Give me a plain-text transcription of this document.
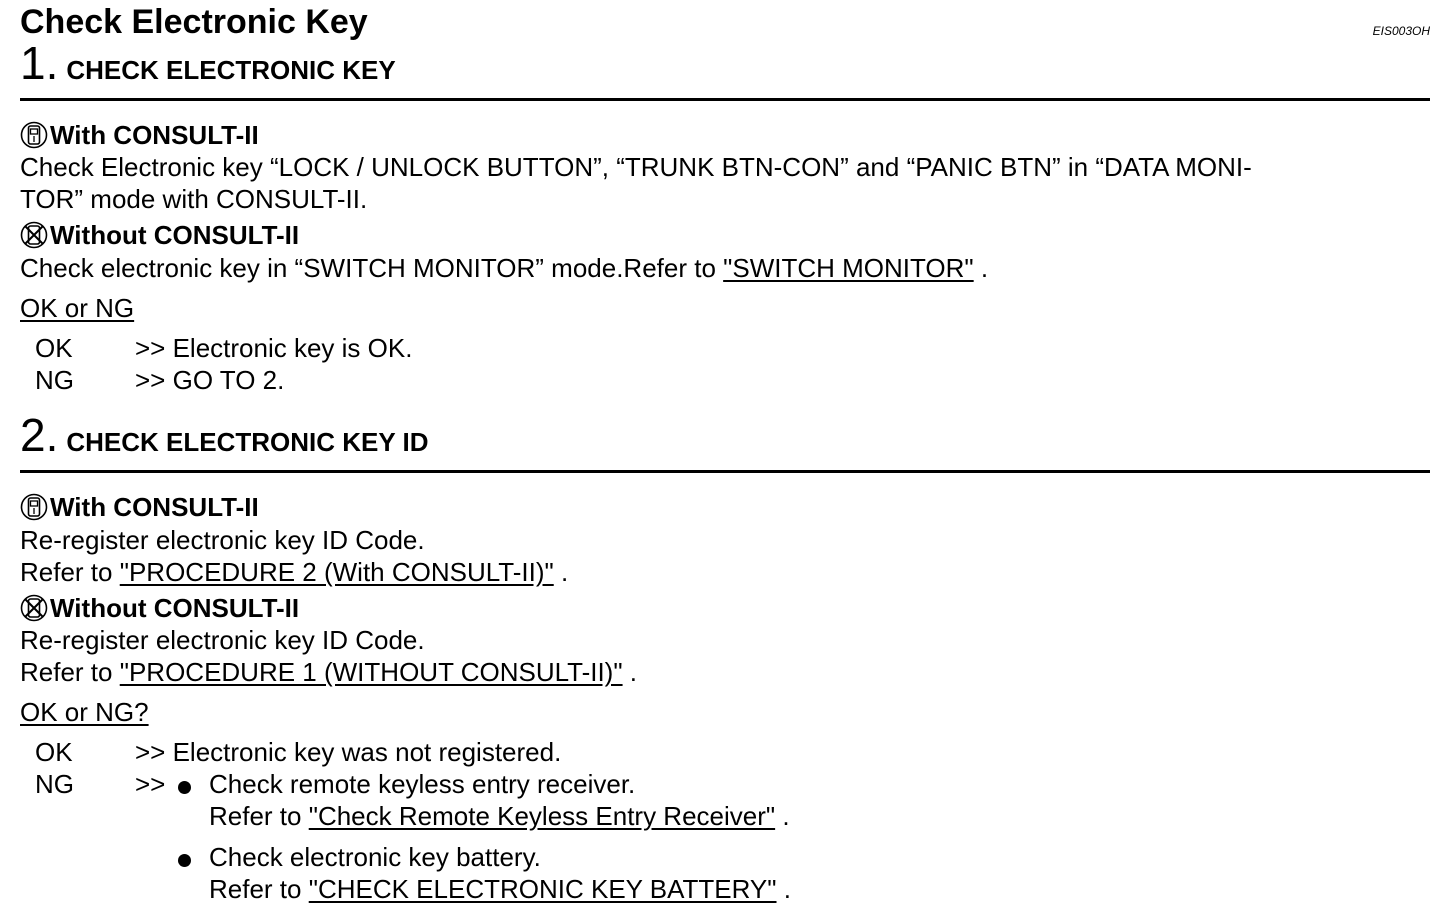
Check Electronic Key	EIS003OH
1. CHECK ELECTRONIC KEY
With CONSULT-II
Check Electronic key “LOCK / UNLOCK BUTTON”, “TRUNK BTN-CON” and “PANIC BTN” in “DATA MONI-
TOR” mode with CONSULT-II.
Without CONSULT-II
Check electronic key in “SWITCH MONITOR” mode.Refer to "SWITCH MONITOR" .
OK or NG
OK >> Electronic key is OK.
NG >> GO TO 2.
2. CHECK ELECTRONIC KEY ID
With CONSULT-II
Re-register electronic key ID Code.
Refer to "PROCEDURE 2 (With CONSULT-II)" .
Without CONSULT-II
Re-register electronic key ID Code.
Refer to "PROCEDURE 1 (WITHOUT CONSULT-II)" .
OK or NG?
OK >> Electronic key was not registered.
NG >> Check remote keyless entry receiver.
Refer to "Check Remote Keyless Entry Receiver" .
Check electronic key battery.
Refer to "CHECK ELECTRONIC KEY BATTERY" .
